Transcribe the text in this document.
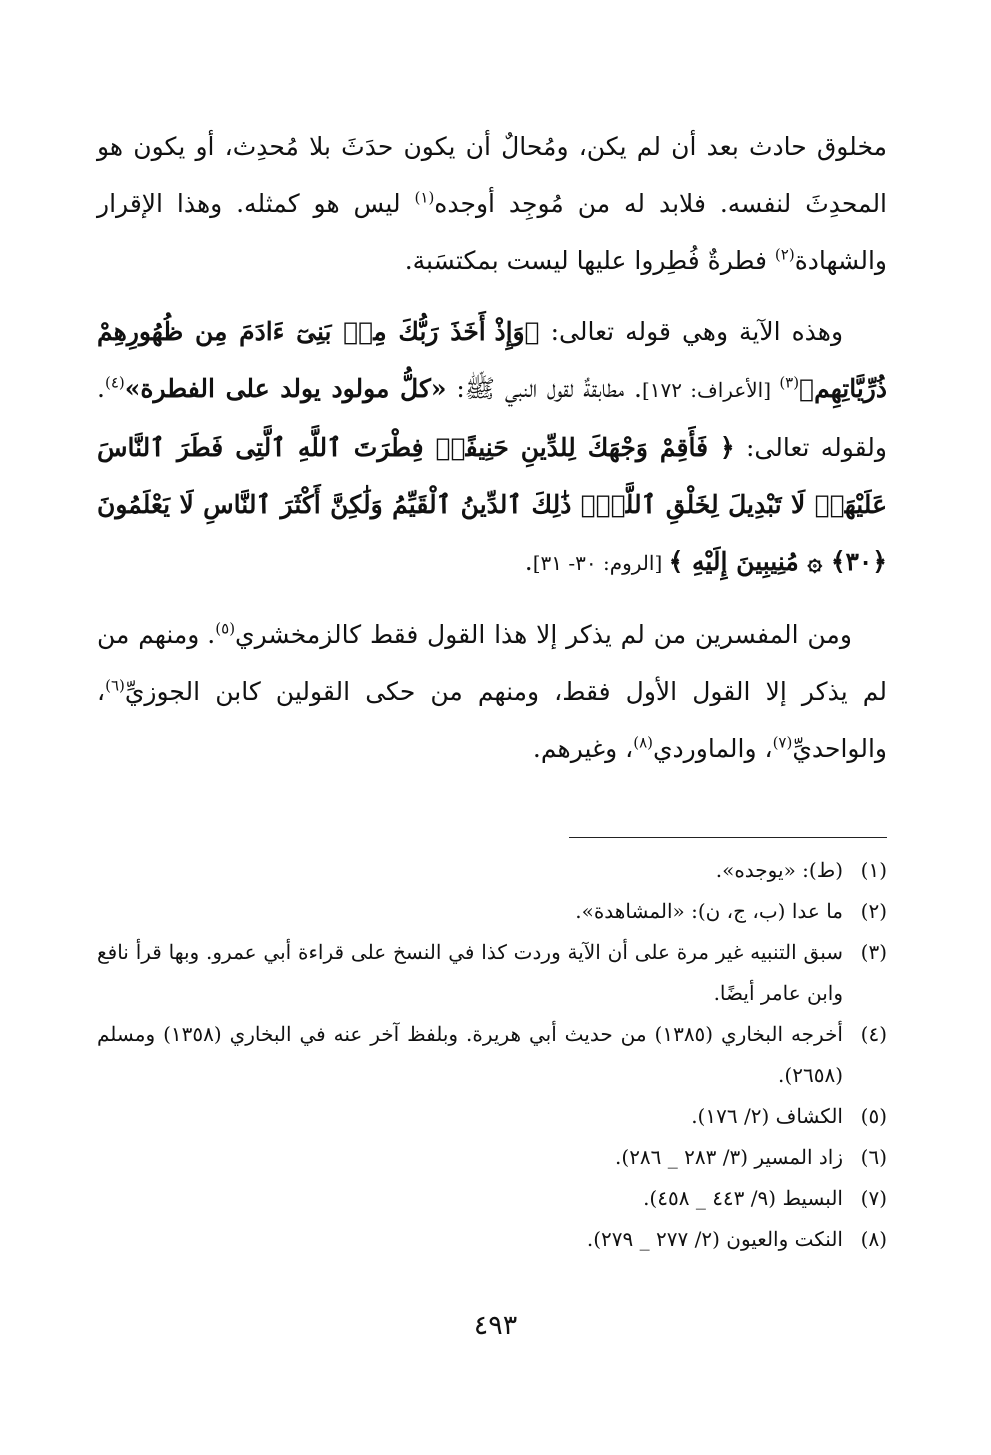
مخلوق حادث بعد أن لم يكن، ومُحالٌ أن يكون حدَثَ بلا مُحدِث، أو يكون هو المحدِثَ لنفسه. فلابد له من مُوجِد أوجده$^{(١)}$ ليس هو كمثله. وهذا الإقرار والشهادة$^{(٢)}$ فطرةٌ فُطِروا عليها ليست بمكتسَبة.

وهذه الآية وهي قوله تعالى: ﴿وَإِذْ أَخَذَ رَبُّكَ مِنۢ بَنِىٓ ءَادَمَ مِن ظُهُورِهِمْ ذُرِّيَّاتِهِم﴾$^{(٣)}$ [الأعراف: ١٧٢]. مطابقةٌ لقول النبي ﷺ: «كلُّ مولود يولد على الفطرة»$^{(٤)}$. ولقوله تعالى: ﴿ فَأَقِمْ وَجْهَكَ لِلدِّينِ حَنِيفًاۚ فِطْرَتَ ٱللَّهِ ٱلَّتِى فَطَرَ ٱلنَّاسَ عَلَيْهَاۚ لَا تَبْدِيلَ لِخَلْقِ ٱللَّهِۚ ذَٰلِكَ ٱلدِّينُ ٱلْقَيِّمُ وَلَٰكِنَّ أَكْثَرَ ٱلنَّاسِ لَا يَعْلَمُونَ ﴿٣٠﴾ ۞ مُنِيبِينَ إِلَيْهِ ﴾ [الروم: ٣٠- ٣١].

ومن المفسرين من لم يذكر إلا هذا القول فقط كالزمخشري$^{(٥)}$. ومنهم من لم يذكر إلا القول الأول فقط، ومنهم من حكى القولين كابن الجوزيِّ$^{(٦)}$، والواحديِّ$^{(٧)}$، والماوردي$^{(٨)}$، وغيرهم.

(١)
(ط): «يوجده».
(٢)
ما عدا (ب، ج، ن): «المشاهدة».
(٣)
سبق التنبيه غير مرة على أن الآية وردت كذا في النسخ على قراءة أبي عمرو. وبها قرأ نافع وابن عامر أيضًا.
(٤)
أخرجه البخاري (١٣٨٥) من حديث أبي هريرة. وبلفظ آخر عنه في البخاري (١٣٥٨) ومسلم (٢٦٥٨).
(٥)
الكشاف (٢/ ١٧٦).
(٦)
زاد المسير (٣/ ٢٨٣ _ ٢٨٦).
(٧)
البسيط (٩/ ٤٤٣ _ ٤٥٨).
(٨)
النكت والعيون (٢/ ٢٧٧ _ ٢٧٩).
٤٩٣
